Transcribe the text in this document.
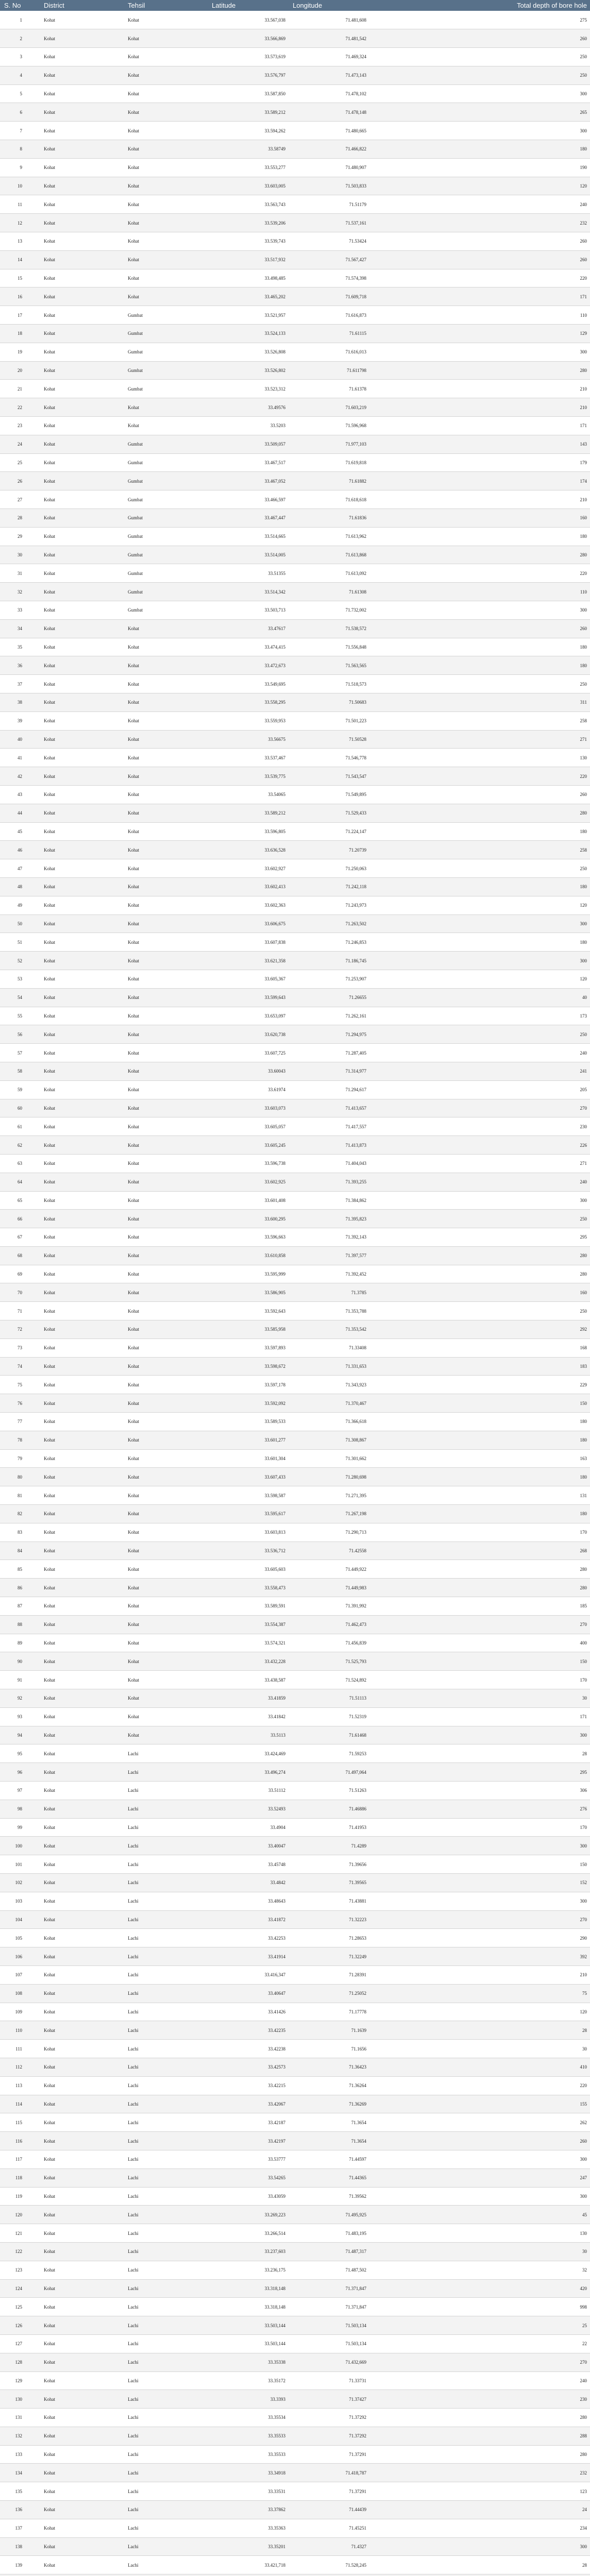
S. No	District	Tehsil	Latitude	Longitude	Total depth of bore hole
1	Kohat	Kohat	33.567,038	71.481,608	275
2	Kohat	Kohat	33.566,869	71.481,542	260
3	Kohat	Kohat	33.573,619	71.469,324	250
4	Kohat	Kohat	33.576,797	71.473,143	250
5	Kohat	Kohat	33.587,850	71.478,102	300
6	Kohat	Kohat	33.589,212	71.478,148	265
7	Kohat	Kohat	33.594,262	71.480,665	300
8	Kohat	Kohat	33.58749	71.466,822	180
9	Kohat	Kohat	33.553,277	71.480,907	190
10	Kohat	Kohat	33.603,005	71.503,833	120
11	Kohat	Kohat	33.563,743	71.51179	240
12	Kohat	Kohat	33.539,206	71.537,161	232
13	Kohat	Kohat	33.539,743	71.53424	260
14	Kohat	Kohat	33.517,932	71.567,427	260
15	Kohat	Kohat	33.498,485	71.574,398	220
16	Kohat	Kohat	33.465,202	71.609,718	171
17	Kohat	Gumbat	33.521,957	71.616,873	110
18	Kohat	Gumbat	33.524,133	71.61115	129
19	Kohat	Gumbat	33.526,808	71.616,013	300
20	Kohat	Gumbat	33.526,802	71.611798	280
21	Kohat	Gumbat	33.523,312	71.61378	210
22	Kohat	Kohat	33.49576	71.603,219	210
23	Kohat	Kohat	33.5203	71.596,968	171
24	Kohat	Gumbat	33.509,057	71.977,103	143
25	Kohat	Gumbat	33.467,517	71.619,818	179
26	Kohat	Gumbat	33.467,052	71.61882	174
27	Kohat	Gumbat	33.466,597	71.618,618	210
28	Kohat	Gumbat	33.467,447	71.61836	160
29	Kohat	Gumbat	33.514,665	71.613,962	180
30	Kohat	Gumbat	33.514,005	71.613,868	280
31	Kohat	Gumbat	33.51355	71.613,092	220
32	Kohat	Gumbat	33.514,342	71.61308	110
33	Kohat	Gumbat	33.503,713	71.732,002	300
34	Kohat	Kohat	33.47617	71.538,572	260
35	Kohat	Kohat	33.474,415	71.556,848	180
36	Kohat	Kohat	33.472,673	71.563,565	180
37	Kohat	Kohat	33.549,695	71.518,573	250
38	Kohat	Kohat	33.558,295	71.50683	311
39	Kohat	Kohat	33.559,953	71.501,223	258
40	Kohat	Kohat	33.56675	71.50528	271
41	Kohat	Kohat	33.537,467	71.546,778	130
42	Kohat	Kohat	33.539,775	71.543,547	220
43	Kohat	Kohat	33.54065	71.549,895	260
44	Kohat	Kohat	33.589,212	71.529,433	280
45	Kohat	Kohat	33.596,805	71.224,147	180
46	Kohat	Kohat	33.636,528	71.20739	258
47	Kohat	Kohat	33.602,927	71.250,063	250
48	Kohat	Kohat	33.602,413	71.242,118	180
49	Kohat	Kohat	33.602,363	71.243,973	120
50	Kohat	Kohat	33.606,675	71.263,502	300
51	Kohat	Kohat	33.607,838	71.246,853	180
52	Kohat	Kohat	33.621,358	71.186,745	300
53	Kohat	Kohat	33.605,367	71.253,907	120
54	Kohat	Kohat	33.599,643	71.26655	40
55	Kohat	Kohat	33.653,097	71.262,161	173
56	Kohat	Kohat	33.620,738	71.294,975	250
57	Kohat	Kohat	33.607,725	71.287,405	240
58	Kohat	Kohat	33.60043	71.314,977	241
59	Kohat	Kohat	33.61974	71.294,617	205
60	Kohat	Kohat	33.603,073	71.413,657	270
61	Kohat	Kohat	33.605,057	71.417,557	230
62	Kohat	Kohat	33.605,245	71.413,873	226
63	Kohat	Kohat	33.596,738	71.404,043	271
64	Kohat	Kohat	33.602,925	71.393,255	240
65	Kohat	Kohat	33.601,408	71.384,862	300
66	Kohat	Kohat	33.600,295	71.395,823	250
67	Kohat	Kohat	33.596,663	71.392,143	295
68	Kohat	Kohat	33.610,858	71.397,577	280
69	Kohat	Kohat	33.595,999	71.392,452	280
70	Kohat	Kohat	33.586,905	71.3785	160
71	Kohat	Kohat	33.592,643	71.353,788	250
72	Kohat	Kohat	33.585,958	71.353,542	292
73	Kohat	Kohat	33.597,893	71.33408	168
74	Kohat	Kohat	33.598,672	71.331,653	183
75	Kohat	Kohat	33.597,178	71.343,923	229
76	Kohat	Kohat	33.592,092	71.370,467	150
77	Kohat	Kohat	33.589,533	71.366,618	180
78	Kohat	Kohat	33.601,277	71.308,867	180
79	Kohat	Kohat	33.601,304	71.301,662	163
80	Kohat	Kohat	33.607,433	71.280,698	180
81	Kohat	Kohat	33.598,587	71.271,395	131
82	Kohat	Kohat	33.595,617	71.267,198	180
83	Kohat	Kohat	33.603,813	71.290,713	170
84	Kohat	Kohat	33.536,712	71.42558	268
85	Kohat	Kohat	33.605,603	71.449,922	280
86	Kohat	Kohat	33.558,473	71.449,983	280
87	Kohat	Kohat	33.589,591	71.391,992	185
88	Kohat	Kohat	33.554,387	71.462,473	270
89	Kohat	Kohat	33.574,321	71.456,839	400
90	Kohat	Kohat	33.432,228	71.525,793	150
91	Kohat	Kohat	33.438,587	71.524,892	170
92	Kohat	Kohat	33.41859	71.51113	30
93	Kohat	Kohat	33.41842	71.52319	171
94	Kohat	Kohat	33.5113	71.61468	300
95	Kohat	Lachi	33.424,469	71.59253	28
96	Kohat	Lachi	33.496,274	71.497,064	295
97	Kohat	Lachi	33.51112	71.51263	306
98	Kohat	Lachi	33.52493	71.46886	276
99	Kohat	Lachi	33.4904	71.41953	170
100	Kohat	Lachi	33.40047	71.4289	300
101	Kohat	Lachi	33.45748	71.39656	150
102	Kohat	Lachi	33.4842	71.39565	152
103	Kohat	Lachi	33.48643	71.43881	300
104	Kohat	Lachi	33.41872	71.32223	270
105	Kohat	Lachi	33.42253	71.28653	290
106	Kohat	Lachi	33.41914	71.32249	392
107	Kohat	Lachi	33.416,347	71.28391	210
108	Kohat	Lachi	33.40647	71.25052	75
109	Kohat	Lachi	33.41426	71.17778	120
110	Kohat	Lachi	33.42235	71.1639	28
111	Kohat	Lachi	33.42238	71.1656	30
112	Kohat	Lachi	33.42573	71.36423	410
113	Kohat	Lachi	33.42215	71.36264	220
114	Kohat	Lachi	33.42067	71.36269	155
115	Kohat	Lachi	33.42187	71.3654	262
116	Kohat	Lachi	33.42197	71.3654	260
117	Kohat	Lachi	33.53777	71.44597	300
118	Kohat	Lachi	33.54265	71.44365	247
119	Kohat	Lachi	33.43059	71.39562	300
120	Kohat	Lachi	33.269,223	71.495,925	45
121	Kohat	Lachi	33.266,514	71.483,195	130
122	Kohat	Lachi	33.237,603	71.487,317	30
123	Kohat	Lachi	33.236,175	71.487,502	32
124	Kohat	Lachi	33.318,148	71.371,847	420
125	Kohat	Lachi	33.318,148	71.371,847	998
126	Kohat	Lachi	33.503,144	71.503,134	25
127	Kohat	Lachi	33.503,144	71.503,134	22
128	Kohat	Lachi	33.35338	71.432,669	270
129	Kohat	Lachi	33.35172	71.33731	240
130	Kohat	Lachi	33.3393	71.37427	230
131	Kohat	Lachi	33.35534	71.37292	280
132	Kohat	Lachi	33.35533	71.37292	288
133	Kohat	Lachi	33.35533	71.37291	280
134	Kohat	Lachi	33.34918	71.418,787	232
135	Kohat	Lachi	33.33531	71.37291	123
136	Kohat	Lachi	33.37862	71.44439	24
137	Kohat	Lachi	33.35363	71.45251	234
138	Kohat	Lachi	33.35201	71.4327	300
139	Kohat	Lachi	33.421,718	71.528,245	28
